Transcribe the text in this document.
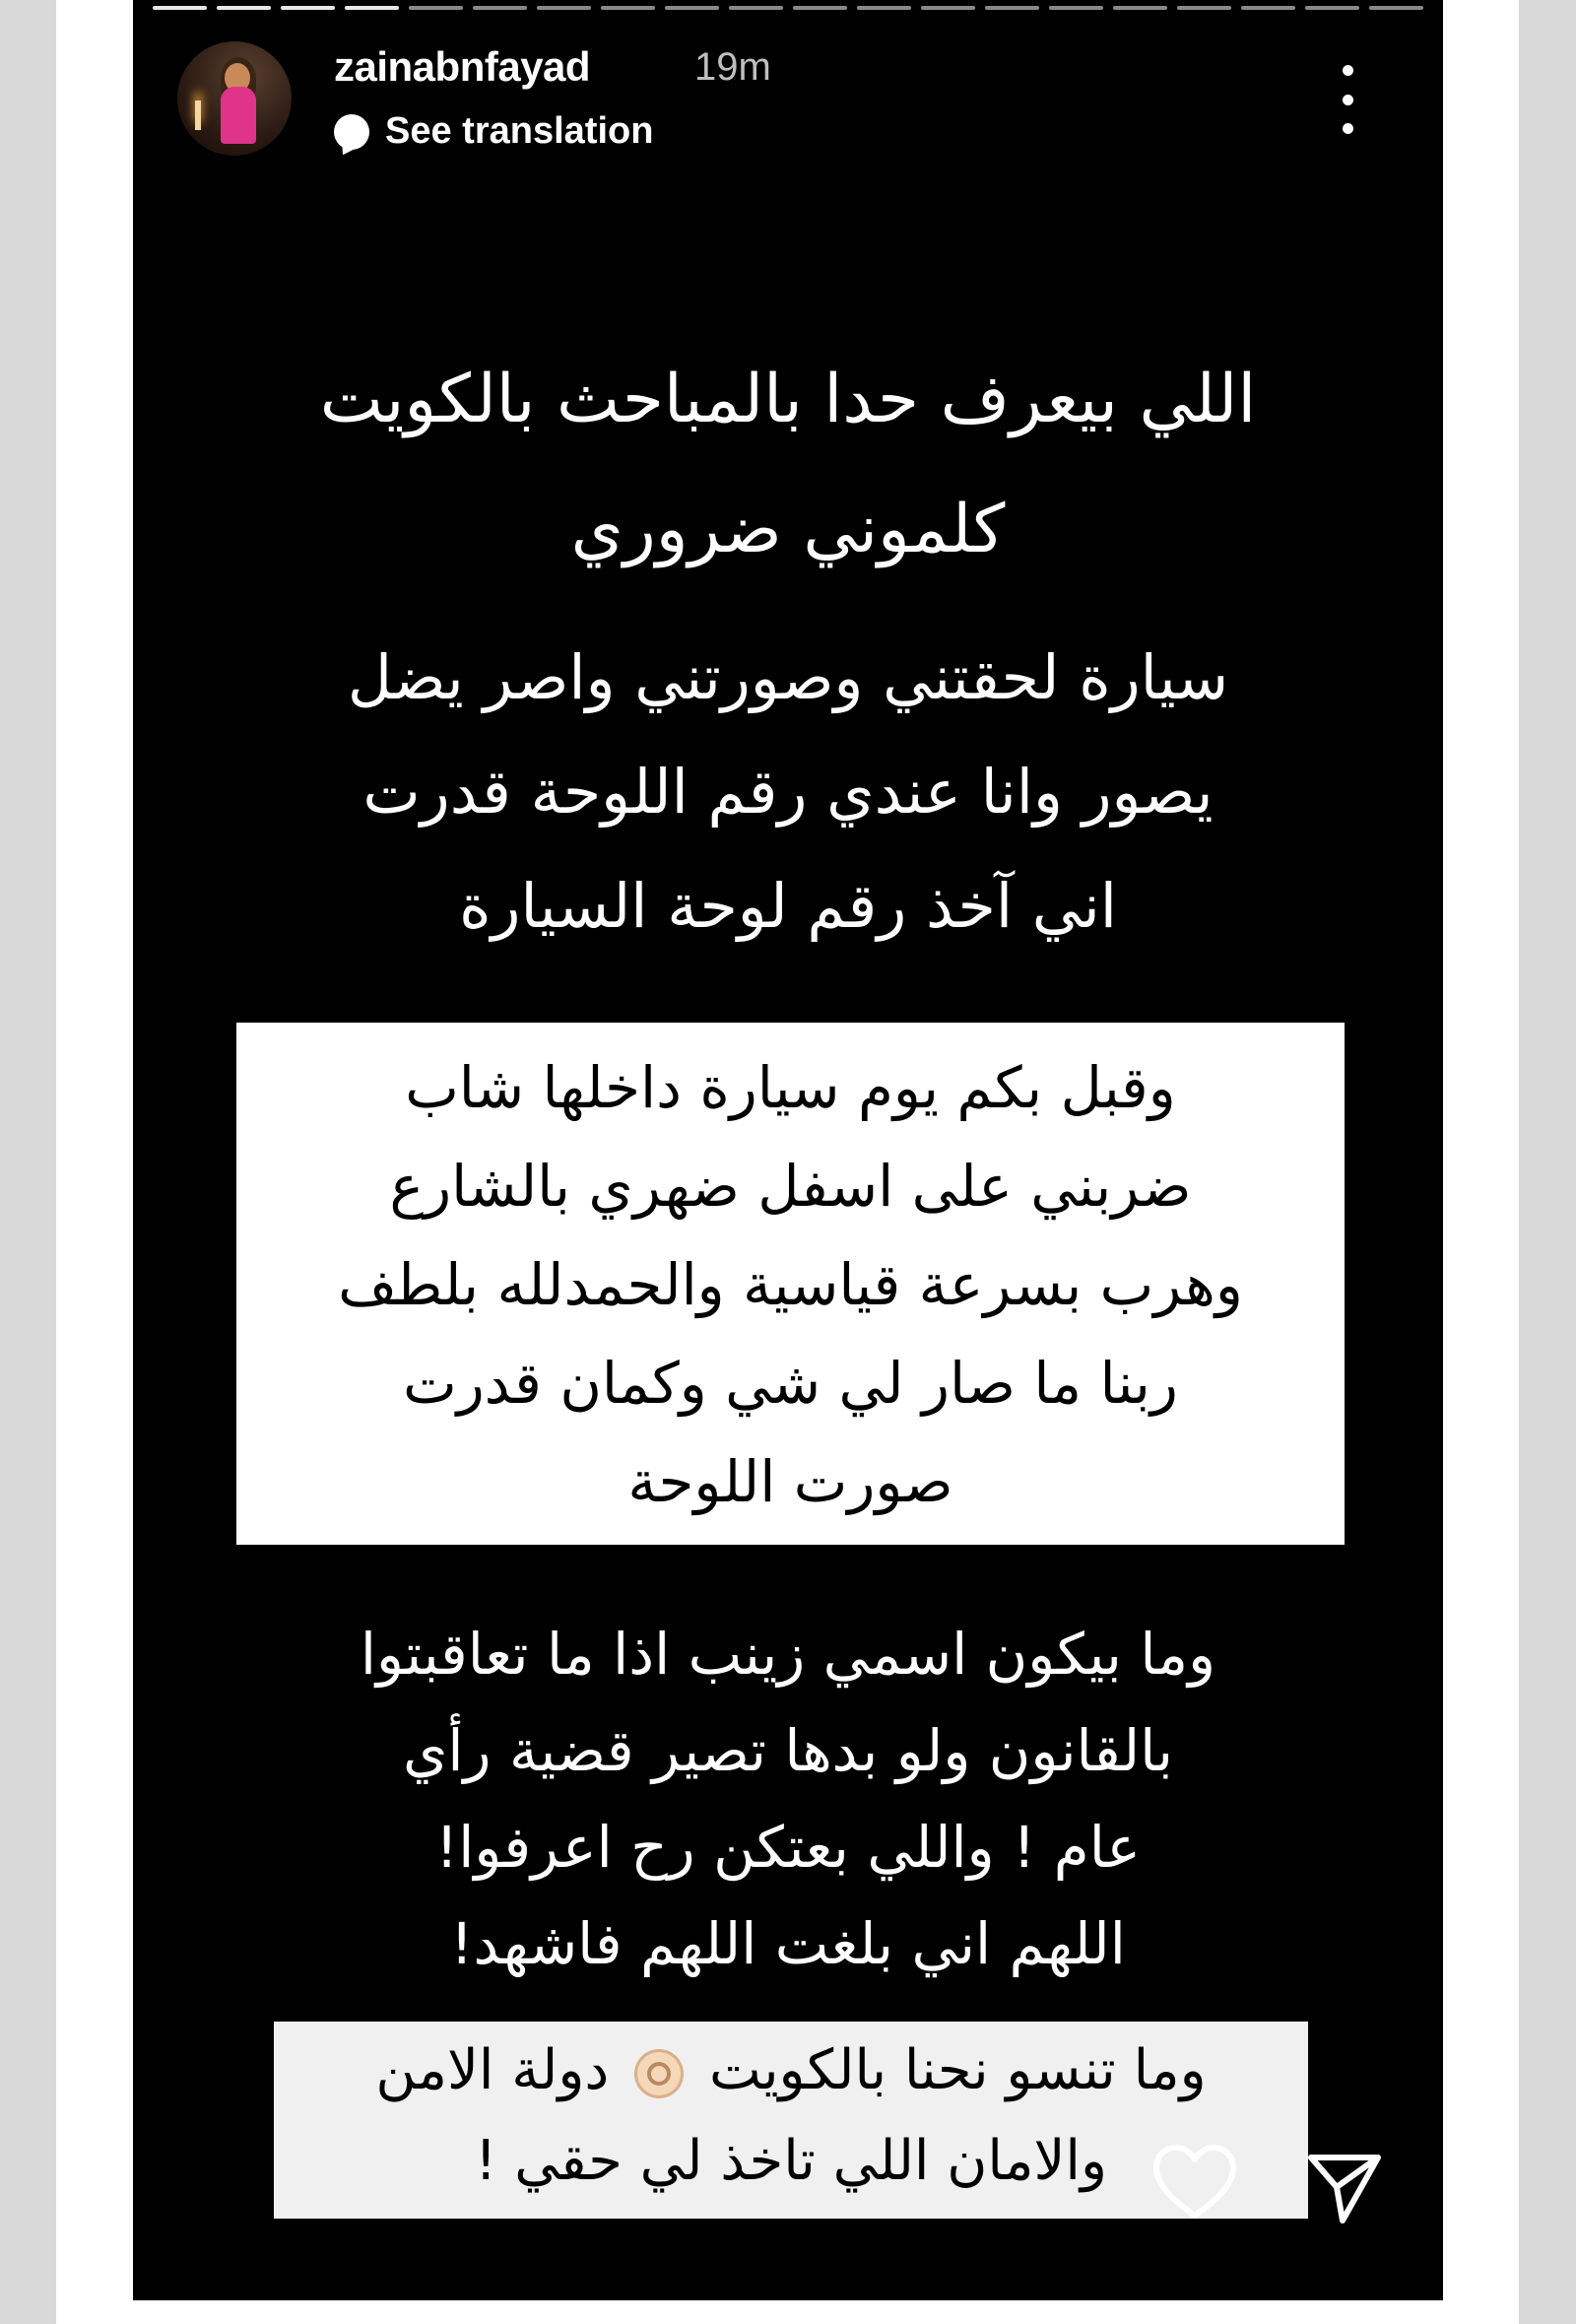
zainabnfayad	19m
See translation
اللي بيعرف حدا بالمباحث بالكويت
كلموني ضروري
سيارة لحقتني وصورتني واصر يضل
يصور وانا عندي رقم اللوحة قدرت
اني آخذ رقم لوحة السيارة
وقبل بكم يوم سيارة داخلها شاب
ضربني على اسفل ضهري بالشارع
وهرب بسرعة قياسية والحمدلله بلطف
ربنا ما صار لي شي وكمان قدرت
صورت اللوحة
وما بيكون اسمي زينب اذا ما تعاقبتوا
بالقانون ولو بدها تصير قضية رأي
عام ! واللي بعتكن رح اعرفوا!
اللهم اني بلغت اللهم فاشهد!
وما تنسو نحنا بالكويت  دولة الامن
والامان اللي تاخذ لي حقي !
